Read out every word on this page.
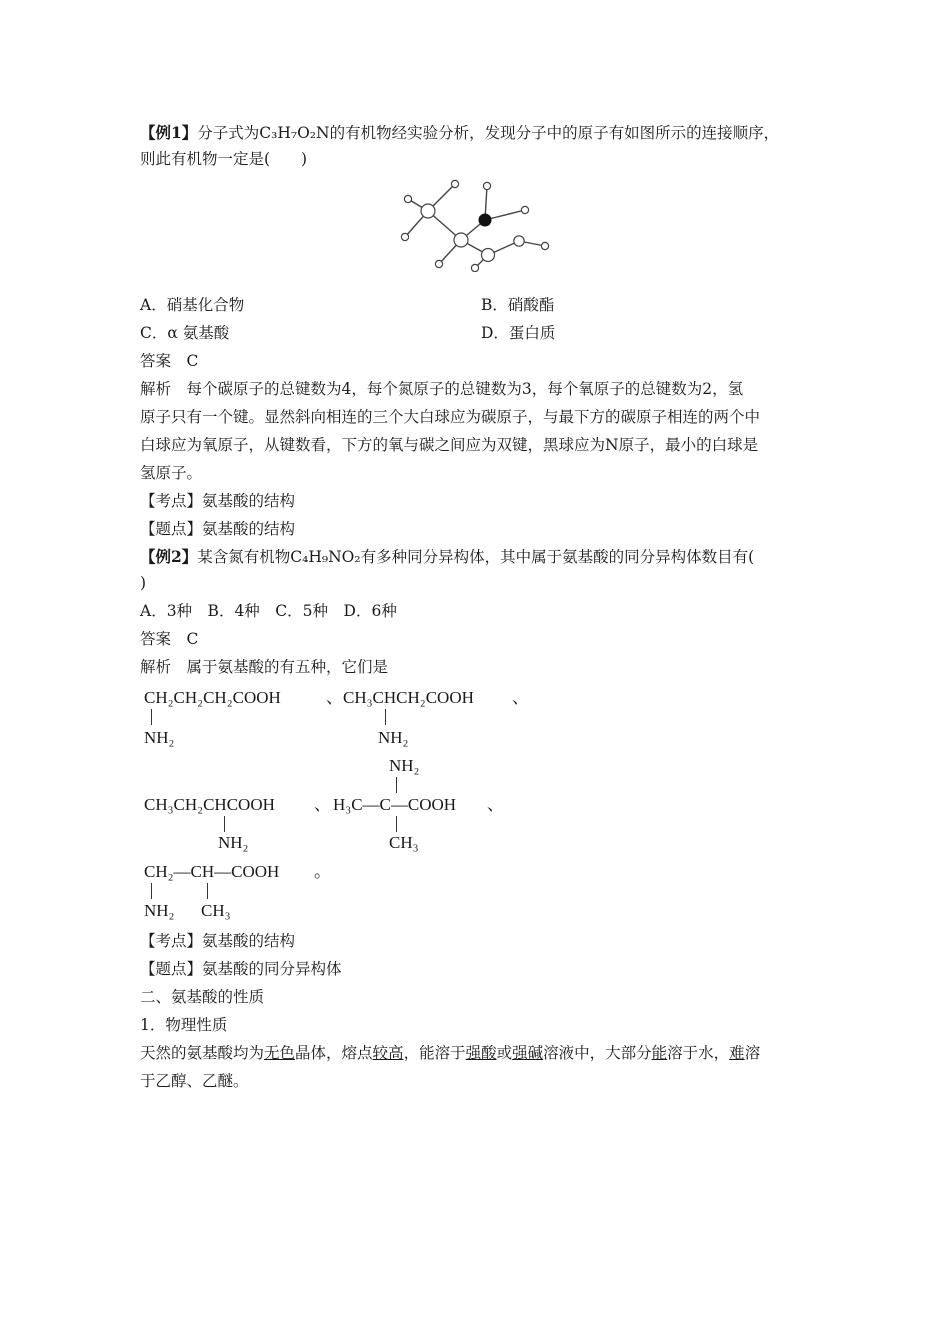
【例1】分子式为C₃H₇O₂N的有机物经实验分析，发现分子中的原子有如图所示的连接顺序，
则此有机物一定是(　　)
A．硝基化合物	B．硝酸酯
C．α 氨基酸	D．蛋白质
答案　C
解析　每个碳原子的总键数为4，每个氮原子的总键数为3，每个氧原子的总键数为2，氢
原子只有一个键。显然斜向相连的三个大白球应为碳原子，与最下方的碳原子相连的两个中
白球应为氧原子，从键数看，下方的氧与碳之间应为双键，黑球应为N原子，最小的白球是
氢原子。
【考点】氨基酸的结构
【题点】氨基酸的结构
【例2】某含氮有机物C₄H₉NO₂有多种同分异构体，其中属于氨基酸的同分异构体数目有(
)
A．3种　B．4种　C．5种　D．6种
答案　C
解析　属于氨基酸的有五种，它们是
CH₂CH₂CH₂COOH
NH₂
、 CH₃CHCH₂COOH
NH₂
、
NH₂
CH₃CH₂CHCOOH
NH₂
、 H₃C—C—COOH
CH₃
、
CH₂—CH—COOH
NH₂ CH₃
。
【考点】氨基酸的结构
【题点】氨基酸的同分异构体
二、氨基酸的性质
1．物理性质
天然的氨基酸均为无色晶体，熔点较高，能溶于强酸或强碱溶液中，大部分能溶于水，难溶
于乙醇、乙醚。
